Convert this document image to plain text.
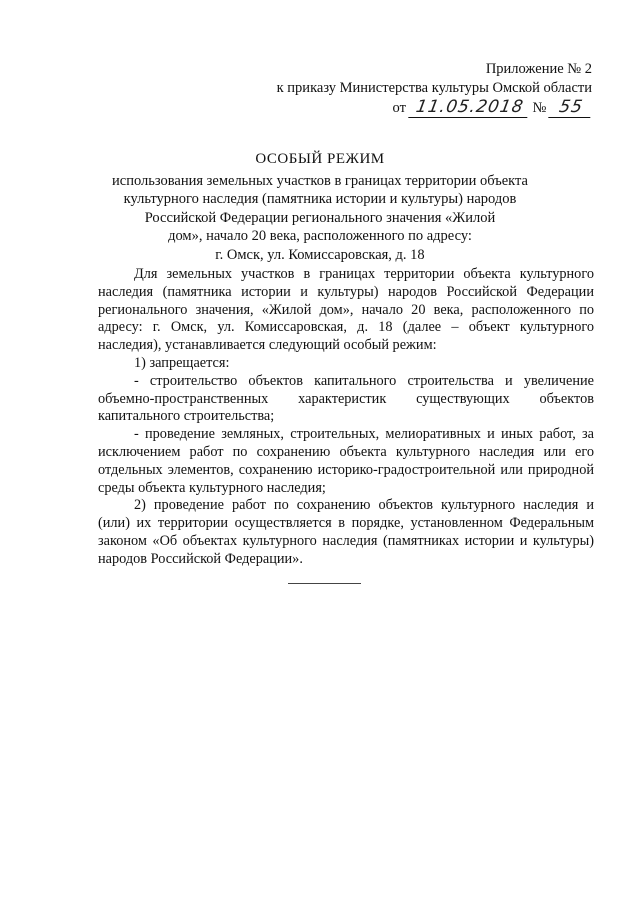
Приложение № 2
к приказу Министерства культуры Омской области
от 11.05.2018 № 55
ОСОБЫЙ РЕЖИМ
использования земельных участков в границах территории объекта
культурного наследия (памятника истории и культуры) народов
Российской Федерации регионального значения «Жилой
дом», начало 20 века, расположенного по адресу:
г. Омск, ул. Комиссаровская, д. 18

Для земельных участков в границах территории объекта культурного наследия (памятника истории и культуры) народов Российской Федерации регионального значения, «Жилой дом», начало 20 века, расположенного по адресу: г. Омск, ул. Комиссаровская, д. 18 (далее – объект культурного наследия), устанавливается следующий особый режим:

1) запрещается:

- строительство объектов капитального строительства и увеличение объемно-пространственных характеристик существующих объектов капитального строительства;

- проведение земляных, строительных, мелиоративных и иных работ, за исключением работ по сохранению объекта культурного наследия или его отдельных элементов, сохранению историко-градостроительной или природной среды объекта культурного наследия;

2) проведение работ по сохранению объектов культурного наследия и (или) их территории осуществляется в порядке, установленном Федеральным законом «Об объектах культурного наследия (памятниках истории и культуры) народов Российской Федерации».
